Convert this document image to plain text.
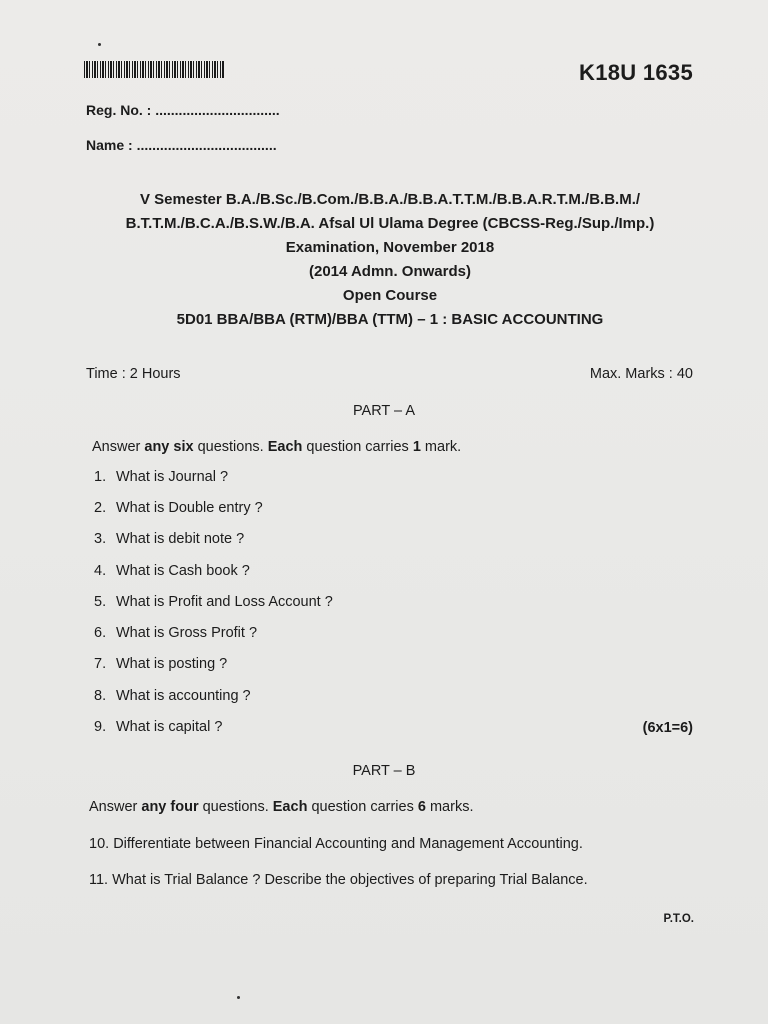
K18U 1635
Reg. No. : ................................
Name : ....................................
V Semester B.A./B.Sc./B.Com./B.B.A./B.B.A.T.T.M./B.B.A.R.T.M./B.B.M./
B.T.T.M./B.C.A./B.S.W./B.A. Afsal Ul Ulama Degree (CBCSS-Reg./Sup./Imp.)
Examination, November 2018
(2014 Admn. Onwards)
Open Course
5D01 BBA/BBA (RTM)/BBA (TTM) – 1 : BASIC ACCOUNTING
Time : 2 Hours	Max. Marks : 40
PART – A
Answer any six questions. Each question carries 1 mark.
1. What is Journal ?
2. What is Double entry ?
3. What is debit note ?
4. What is Cash book ?
5. What is Profit and Loss Account ?
6. What is Gross Profit ?
7. What is posting ?
8. What is accounting ?
9. What is capital ?	(6x1=6)
PART – B
Answer any four questions. Each question carries 6 marks.
10. Differentiate between Financial Accounting and Management Accounting.
11. What is Trial Balance ? Describe the objectives of preparing Trial Balance.
P.T.O.
